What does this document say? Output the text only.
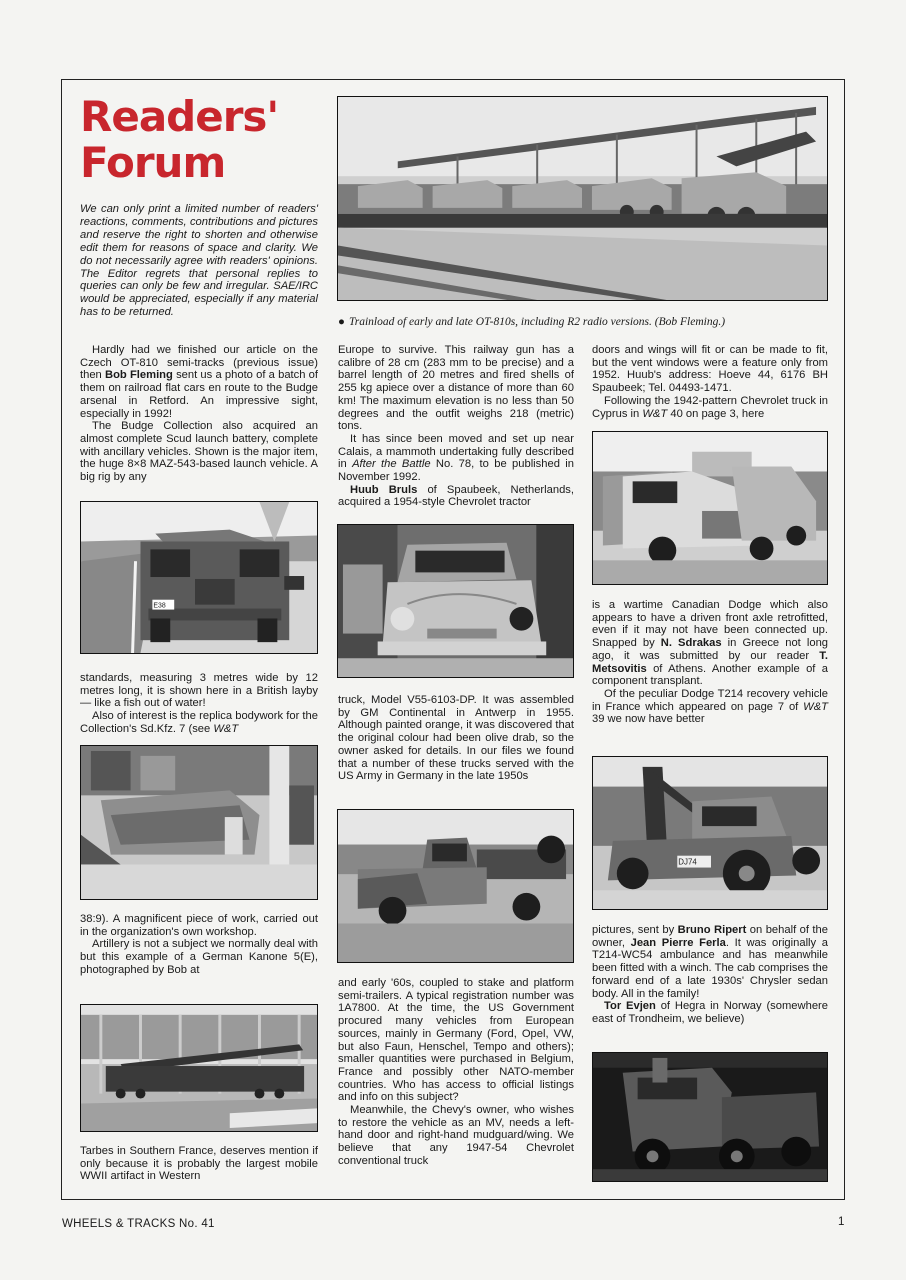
Readers'
Forum
We can only print a limited number of readers' reactions, comments, contributions and pictures and reserve the right to shorten and otherwise edit them for reasons of space and clarity. We do not necessarily agree with readers' opinions. The Editor regrets that personal replies to queries can only be few and irregular. SAE/IRC would be appreciated, especially if any material has to be returned.
● Trainload of early and late OT-810s, including R2 radio versions. (Bob Fleming.)

Hardly had we finished our article on the Czech OT-810 semi-tracks (previous issue) then Bob Fleming sent us a photo of a batch of them on railroad flat cars en route to the Budge arsenal in Retford. An impressive sight, especially in 1992!

The Budge Collection also acquired an almost complete Scud launch battery, complete with ancillary vehicles. Shown is the major item, the huge 8×8 MAZ-543-based launch vehicle. A big rig by any

E38

standards, measuring 3 metres wide by 12 metres long, it is shown here in a British layby — like a fish out of water!

Also of interest is the replica bodywork for the Collection's Sd.Kfz. 7 (see W&T

38:9). A magnificent piece of work, carried out in the organization's own workshop.

Artillery is not a subject we normally deal with but this example of a German Kanone 5(E), photographed by Bob at

Tarbes in Southern France, deserves mention if only because it is probably the largest mobile WWII artifact in Western

Europe to survive. This railway gun has a calibre of 28 cm (283 mm to be precise) and a barrel length of 20 metres and fired shells of 255 kg apiece over a distance of more than 60 km! The maximum elevation is no less than 50 degrees and the outfit weighs 218 (metric) tons.

It has since been moved and set up near Calais, a mammoth undertaking fully described in After the Battle No. 78, to be published in November 1992.

Huub Bruls of Spaubeek, Netherlands, acquired a 1954-style Chevrolet tractor

truck, Model V55-6103-DP. It was assembled by GM Continental in Antwerp in 1955. Although painted orange, it was discovered that the original colour had been olive drab, so the owner asked for details. In our files we found that a number of these trucks served with the US Army in Germany in the late 1950s

and early '60s, coupled to stake and platform semi-trailers. A typical registration number was 1A7800. At the time, the US Government procured many vehicles from European sources, mainly in Germany (Ford, Opel, VW, but also Faun, Henschel, Tempo and others); smaller quantities were purchased in Belgium, France and possibly other NATO-member countries. Who has access to official listings and info on this subject?

Meanwhile, the Chevy's owner, who wishes to restore the vehicle as an MV, needs a left-hand door and right-hand mudguard/wing. We believe that any 1947-54 Chevrolet conventional truck

doors and wings will fit or can be made to fit, but the vent windows were a feature only from 1952. Huub's address: Hoeve 44, 6176 BH Spaubeek; Tel. 04493-1471.

Following the 1942-pattern Chevrolet truck in Cyprus in W&T 40 on page 3, here

is a wartime Canadian Dodge which also appears to have a driven front axle retrofitted, even if it may not have been connected up. Snapped by N. Sdrakas in Greece not long ago, it was submitted by our reader T. Metsovitis of Athens. Another example of a component transplant.

Of the peculiar Dodge T214 recovery vehicle in France which appeared on page 7 of W&T 39 we now have better

DJ74

pictures, sent by Bruno Ripert on behalf of the owner, Jean Pierre Ferla. It was originally a T214-WC54 ambulance and has meanwhile been fitted with a winch. The cab comprises the forward end of a late 1930s' Chrysler sedan body. All in the family!

Tor Evjen of Hegra in Norway (somewhere east of Trondheim, we believe)

WHEELS & TRACKS No. 41	1
